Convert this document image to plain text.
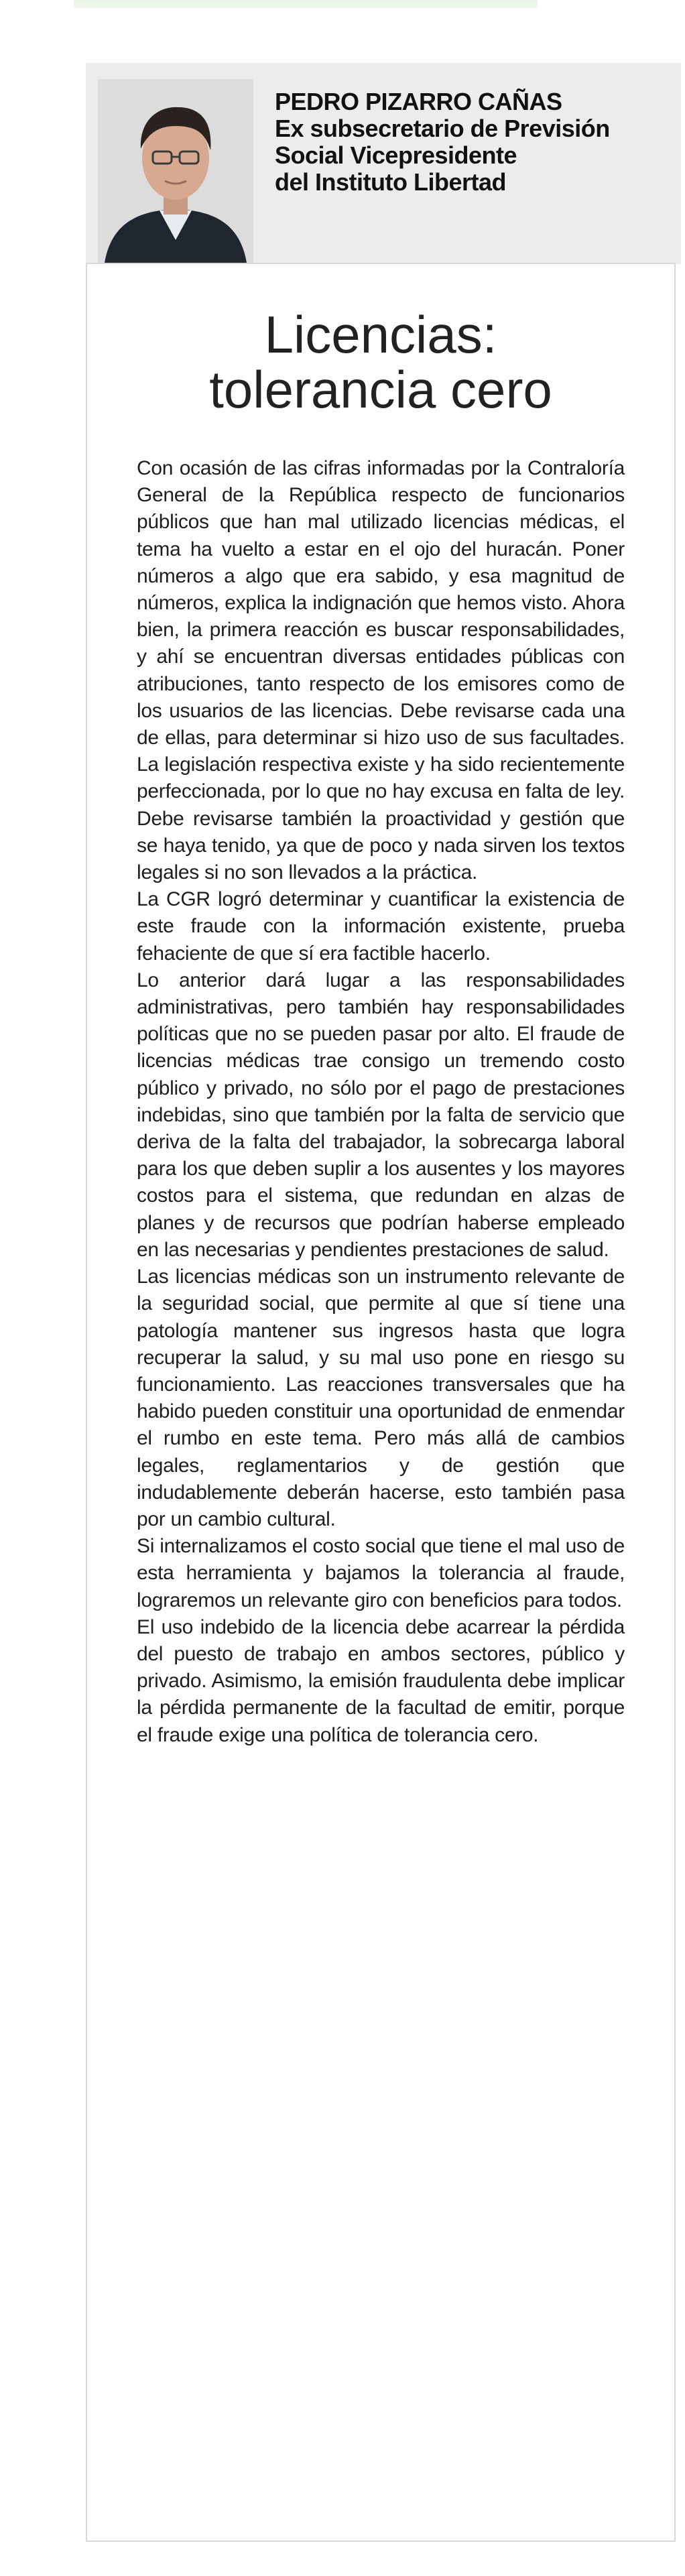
PEDRO PIZARRO CAÑAS
Ex subsecretario de Previsión
Social Vicepresidente
del Instituto Libertad
Licencias:
tolerancia cero

Con ocasión de las cifras informadas por la Contraloría General de la República respecto de funcionarios públicos que han mal utilizado licencias médicas, el tema ha vuelto a estar en el ojo del huracán. Poner números a algo que era sabido, y esa magnitud de números, explica la indignación que hemos visto. Ahora bien, la primera reacción es buscar responsabilidades, y ahí se encuentran diversas entidades públicas con atribuciones, tanto respecto de los emisores como de los usuarios de las licencias. Debe revisarse cada una de ellas, para determinar si hizo uso de sus facultades. La legislación respectiva existe y ha sido recientemente perfeccionada, por lo que no hay excusa en falta de ley. Debe revisarse también la proactividad y gestión que se haya tenido, ya que de poco y nada sirven los textos legales si no son llevados a la práctica.

La CGR logró determinar y cuantificar la existencia de este fraude con la información existente, prueba fehaciente de que sí era factible hacerlo.

Lo anterior dará lugar a las responsabilidades administrativas, pero también hay responsabilidades políticas que no se pueden pasar por alto. El fraude de licencias médicas trae consigo un tremendo costo público y privado, no sólo por el pago de prestaciones indebidas, sino que también por la falta de servicio que deriva de la falta del trabajador, la sobrecarga laboral para los que deben suplir a los ausentes y los mayores costos para el sistema, que redundan en alzas de planes y de recursos que podrían haberse empleado en las necesarias y pendientes prestaciones de salud.

Las licencias médicas son un instrumento relevante de la seguridad social, que permite al que sí tiene una patología mantener sus ingresos hasta que logra recuperar la salud, y su mal uso pone en riesgo su funcionamiento. Las reacciones transversales que ha habido pueden constituir una oportunidad de enmendar el rumbo en este tema. Pero más allá de cambios legales, reglamentarios y de gestión que indudablemente deberán hacerse, esto también pasa por un cambio cultural.

Si internalizamos el costo social que tiene el mal uso de esta herramienta y bajamos la tolerancia al fraude, lograremos un relevante giro con beneficios para todos.

El uso indebido de la licencia debe acarrear la pérdida del puesto de trabajo en ambos sectores, público y privado. Asimismo, la emisión fraudulenta debe implicar la pérdida permanente de la facultad de emitir, porque el fraude exige una política de tolerancia cero.
